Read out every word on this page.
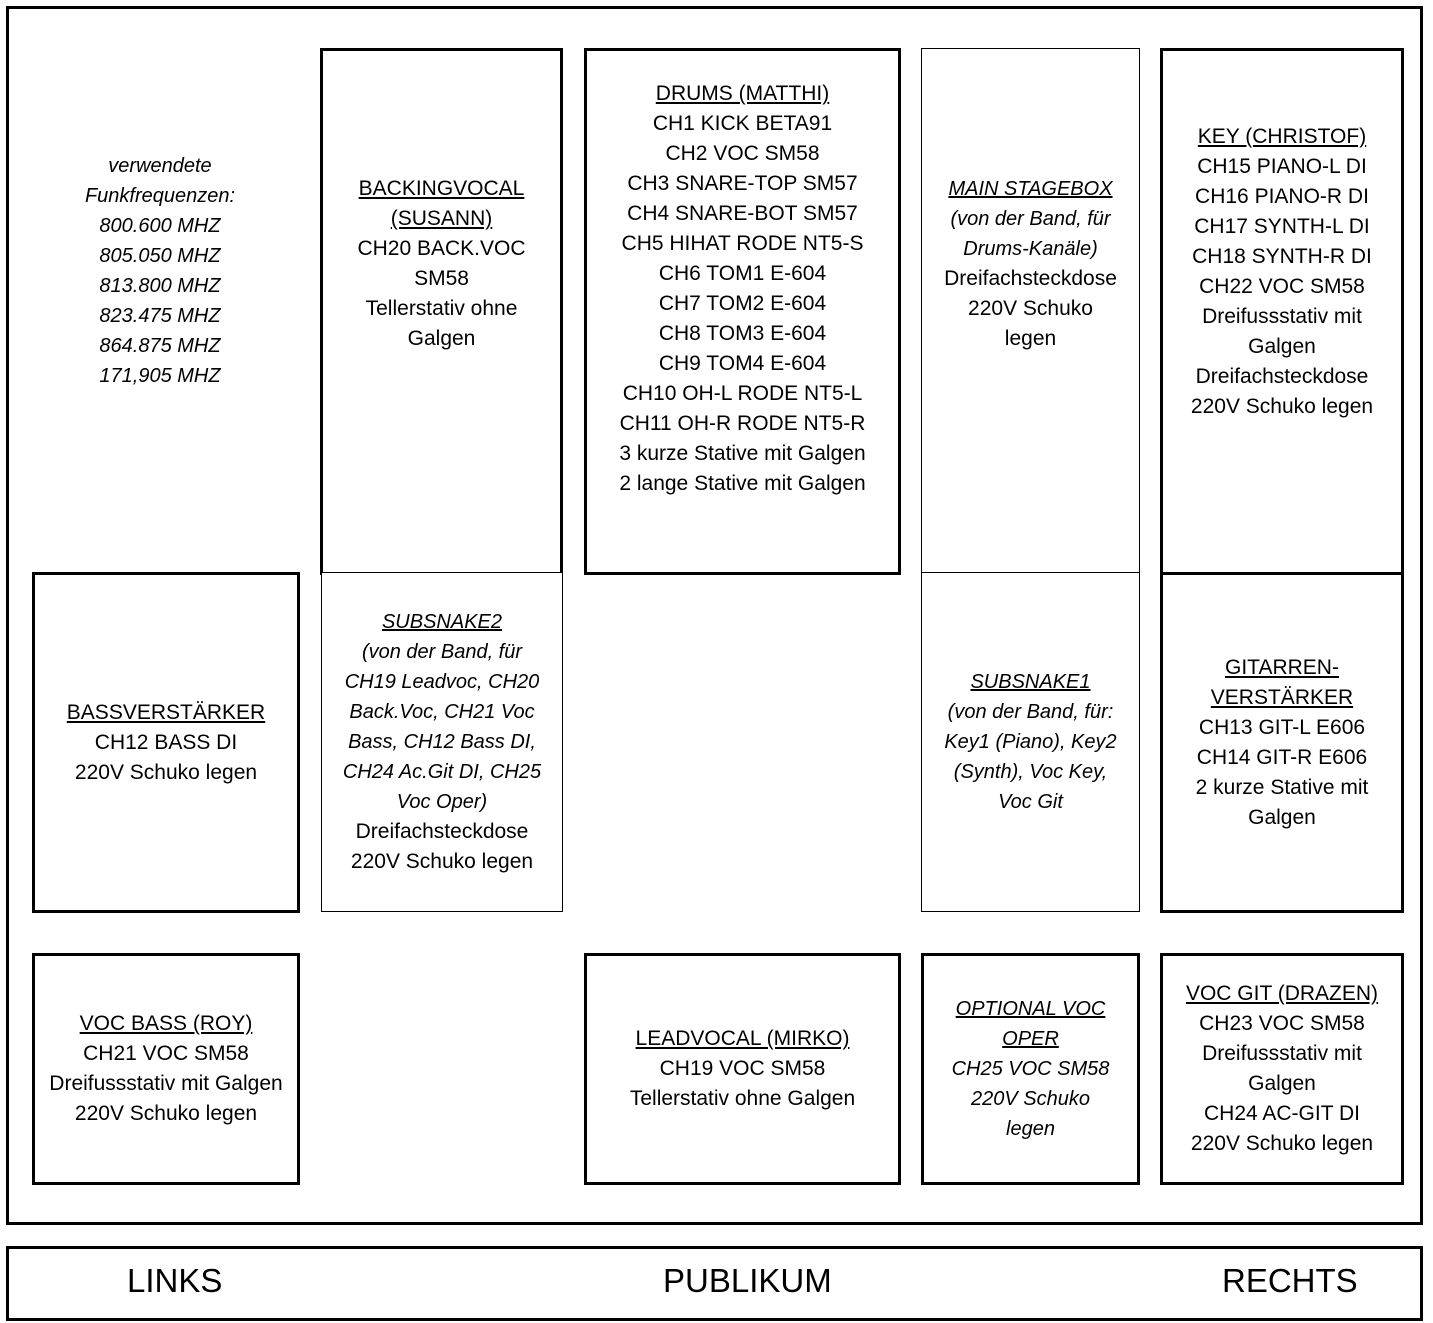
verwendete
Funkfrequenzen:
800.600 MHZ
805.050 MHZ
813.800 MHZ
823.475 MHZ
864.875 MHZ
171,905 MHZ
BACKINGVOCAL
(SUSANN)
CH20 BACK.VOC
SM58
Tellerstativ ohne
Galgen
DRUMS (MATTHI)
CH1 KICK BETA91
CH2 VOC SM58
CH3 SNARE-TOP SM57
CH4 SNARE-BOT SM57
CH5 HIHAT RODE NT5-S
CH6 TOM1 E-604
CH7 TOM2 E-604
CH8 TOM3 E-604
CH9 TOM4 E-604
CH10 OH-L RODE NT5-L
CH11 OH-R RODE NT5-R
3 kurze Stative mit Galgen
2 lange Stative mit Galgen
MAIN STAGEBOX
(von der Band, für
Drums-Kanäle)
Dreifachsteckdose
220V Schuko
legen
KEY (CHRISTOF)
CH15 PIANO-L DI
CH16 PIANO-R DI
CH17 SYNTH-L DI
CH18 SYNTH-R DI
CH22 VOC SM58
Dreifussstativ mit
Galgen
Dreifachsteckdose
220V Schuko legen
BASSVERSTÄRKER
CH12 BASS DI
220V Schuko legen
SUBSNAKE2
(von der Band, für
CH19 Leadvoc, CH20
Back.Voc, CH21 Voc
Bass, CH12 Bass DI,
CH24 Ac.Git DI, CH25
Voc Oper)
Dreifachsteckdose
220V Schuko legen
SUBSNAKE1
(von der Band, für:
Key1 (Piano), Key2
(Synth), Voc Key,
Voc Git
GITARREN-
VERSTÄRKER
CH13 GIT-L E606
CH14 GIT-R E606
2 kurze Stative mit
Galgen
VOC BASS (ROY)
CH21 VOC SM58
Dreifussstativ mit Galgen
220V Schuko legen
LEADVOCAL (MIRKO)
CH19 VOC SM58
Tellerstativ ohne Galgen
OPTIONAL VOC
OPER
CH25 VOC SM58
220V Schuko
legen
VOC GIT (DRAZEN)
CH23 VOC SM58
Dreifussstativ mit
Galgen
CH24 AC-GIT DI
220V Schuko legen
LINKS	PUBLIKUM	RECHTS
